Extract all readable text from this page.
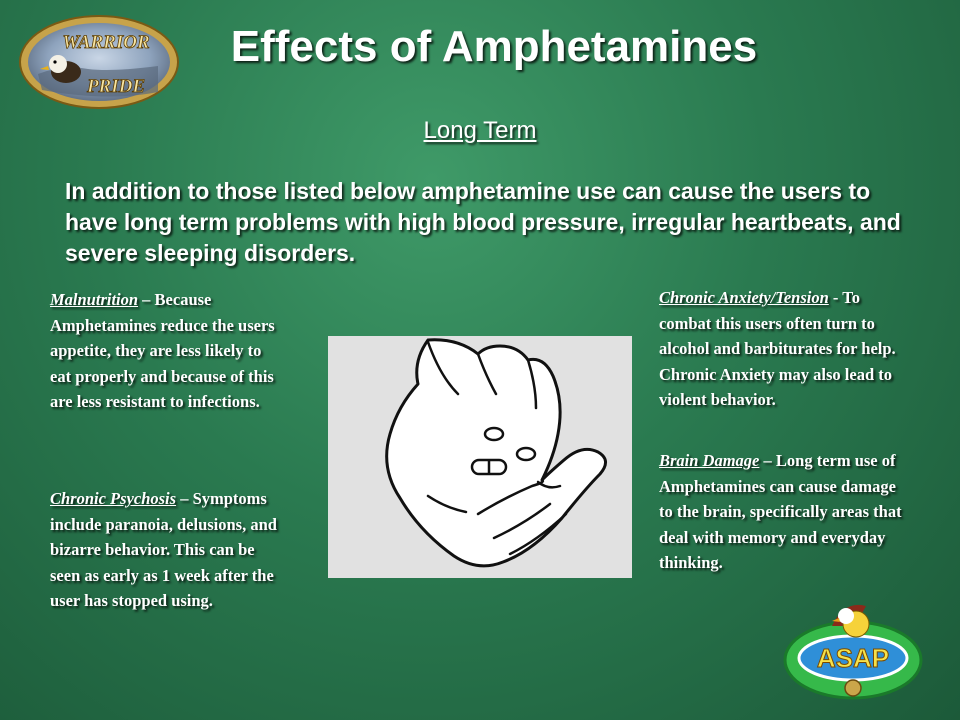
WARRIOR
PRIDE
Effects of Amphetamines
Long Term
In addition to those listed below amphetamine use can cause the users to have long term problems with high blood pressure, irregular heartbeats, and severe sleeping disorders.
Malnutrition – Because Amphetamines reduce the users appetite, they are less likely to eat properly and because of this are less resistant to infections.
Chronic Psychosis – Symptoms include paranoia, delusions, and bizarre behavior. This can be seen as early as 1 week after the user has stopped using.
Chronic Anxiety/Tension - To combat this users often turn to alcohol and barbiturates for help. Chronic Anxiety may also lead to violent behavior.
Brain Damage – Long term use of Amphetamines can cause damage to the brain, specifically areas that deal with memory and everyday thinking.
ASAP
